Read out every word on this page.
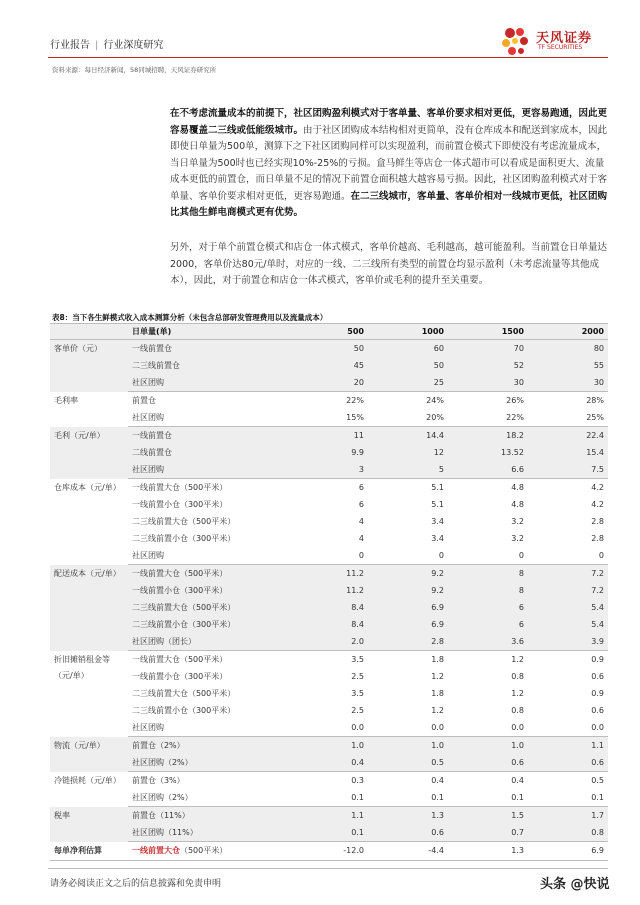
行业报告 | 行业深度研究	天风证券
TF SECURITIES
资料来源：每日经济新闻，58同城招聘，天风证券研究所
在不考虑流量成本的前提下，社区团购盈利模式对于客单量、客单价要求相对更低，更容易跑通，因此更容易覆盖二三线或低能级城市。由于社区团购成本结构相对更简单，没有仓库成本和配送到家成本，因此即使日单量为500单，测算下之下社区团购同样可以实现盈利，而前置仓模式下即使没有考虑流量成本，当日单量为500时也已经实现10%-25%的亏损。盒马鲜生等店仓一体式超市可以看成是面积更大、流量成本更低的前置仓，而日单量不足的情况下前置仓面积越大越容易亏损。因此，社区团购盈利模式对于客单量、客单价要求相对更低，更容易跑通。在二三线城市，客单量、客单价相对一线城市更低，社区团购比其他生鲜电商模式更有优势。
另外，对于单个前置仓模式和店仓一体式模式，客单价越高、毛利越高，越可能盈利。当前置仓日单量达2000，客单价达80元/单时，对应的一线、二三线所有类型的前置仓均显示盈利（未考虑流量等其他成本），因此，对于前置仓和店仓一体式模式，客单价或毛利的提升至关重要。
表8：当下各生鲜模式收入成本测算分析（未包含总部研发管理费用以及流量成本）
	日单量(单)	500	1000	1500	2000
客单价（元）	一线前置仓	50	60	70	80
	二三线前置仓	45	50	52	55
	社区团购	20	25	30	30
毛利率	前置仓	22%	24%	26%	28%
	社区团购	15%	20%	22%	25%
毛利（元/单）	一线前置仓	11	14.4	18.2	22.4
	二线前置仓	9.9	12	13.52	15.4
	社区团购	3	5	6.6	7.5
仓库成本（元/单）	一线前置大仓（500平米）	6	5.1	4.8	4.2
	一线前置小仓（300平米）	6	5.1	4.8	4.2
	二三线前置大仓（500平米）	4	3.4	3.2	2.8
	二三线前置小仓（300平米）	4	3.4	3.2	2.8
	社区团购	0	0	0	0
配送成本（元/单）	一线前置大仓（500平米）	11.2	9.2	8	7.2
	一线前置小仓（300平米）	11.2	9.2	8	7.2
	二三线前置大仓（500平米）	8.4	6.9	6	5.4
	二三线前置小仓（300平米）	8.4	6.9	6	5.4
	社区团购（团长）	2.0	2.8	3.6	3.9
折旧摊销租金等（元/单）	一线前置大仓（500平米）	3.5	1.8	1.2	0.9
	一线前置小仓（300平米）	2.5	1.2	0.8	0.6
	二三线前置大仓（500平米）	3.5	1.8	1.2	0.9
	二三线前置小仓（300平米）	2.5	1.2	0.8	0.6
	社区团购	0.0	0.0	0.0	0.0
物流（元/单）	前置仓（2%）	1.0	1.0	1.0	1.1
	社区团购（2%）	0.4	0.5	0.6	0.6
冷链损耗（元/单）	前置仓（3%）	0.3	0.4	0.4	0.5
	社区团购（2%）	0.1	0.1	0.1	0.1
税率	前置仓（11%）	1.1	1.3	1.5	1.7
	社区团购（11%）	0.1	0.6	0.7	0.8
每单净利估算	一线前置大仓（500平米）	-12.0	-4.4	1.3	6.9
请务必阅读正文之后的信息披露和免责申明	头条 @快说
